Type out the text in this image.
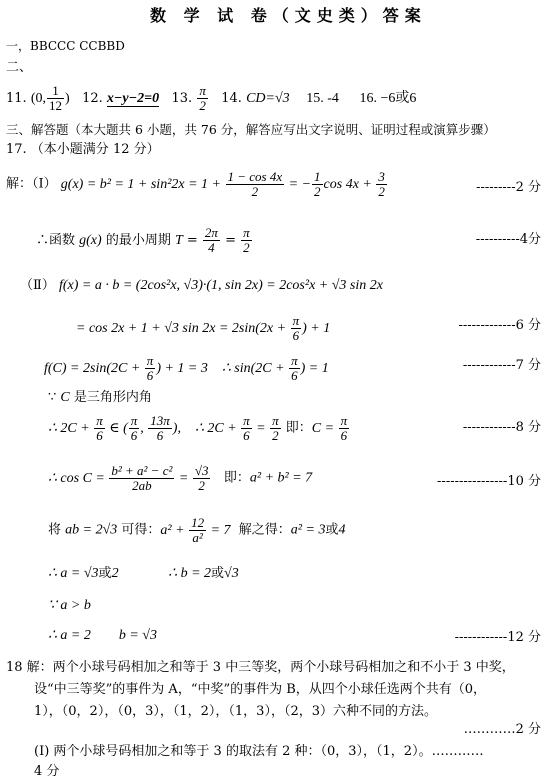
数 学 试 卷（文史类）答案
一，BBCCC CCBBD
二、
11. (0, $\frac{1}{12}$ ) 12. x−y−2=0 13. $\frac{\pi}{2} 14$. CD=√3 15. -4 16. −6或6
三、解答题（本大题共 6 小题，共 76 分，解答应写出文字说明、证明过程或演算步骤）
17. （本小题满分 12 分）
解：（Ⅰ） $g(x) = b^2 = 1 + \sin^22x = 1 + \frac{1 - \cos 4x}{2}$ = − $\frac{1}{2}$ $\cos 4x + \frac{3}{2}$	---------2 分
∴函数 g(x) 的最小周期 $T = \frac{2\pi}{4} = \frac{\pi}{2}$	----------4分
（Ⅱ） f(x) = a · b = (2cos²x, √3)·(1, sin 2x) = 2cos²x + √3 sin 2x
= cos 2x + 1 + √3 $\sin 2x = 2\sin(2x + \frac{\pi}{6}$ ) + 1	-------------6 分
$f(C) = 2\sin(2C + \frac{\pi}{6}$ ) + 1 = 3    ∴ $\sin(2C + \frac{\pi}{6}$ ) = 1	------------7 分
∵ C 是三角形内角
∴ $2C + \frac{\pi}{6}$ ∈ ( $\frac{\pi}{6}$ , $\frac{13\pi}{6}$ ),    ∴ $2C + \frac{\pi}{6} = \frac{\pi}{2}$ 即：$C = \frac{\pi}{6}$	------------8 分
∴ $\cos C = \frac{\text{b² + a² − c²}}{2ab} = \frac{√3}{2}$ 即：a² + b² = 7	----------------10 分
将 ab = 2√3 可得：$a^2 + \frac{12}{\text{a²}} = 7$  解之得：a² = 3或4
∴ a = √3或2	∴ b = 2或√3
∵ a > b
∴ a = 2        b = √3	------------12 分
18 解：两个小球号码相加之和等于 3 中三等奖，两个小球号码相加之和不小于 3 中奖，
设“中三等奖”的事件为 A，“中奖”的事件为 B，从四个小球任选两个共有（0，
1），（0，2），（0，3），（1，2），（1，3），（2，3）六种不同的方法。
…………2 分
(I) 两个小球号码相加之和等于 3 的取法有 2 种：（0，3），（1，2）。…………
4 分
